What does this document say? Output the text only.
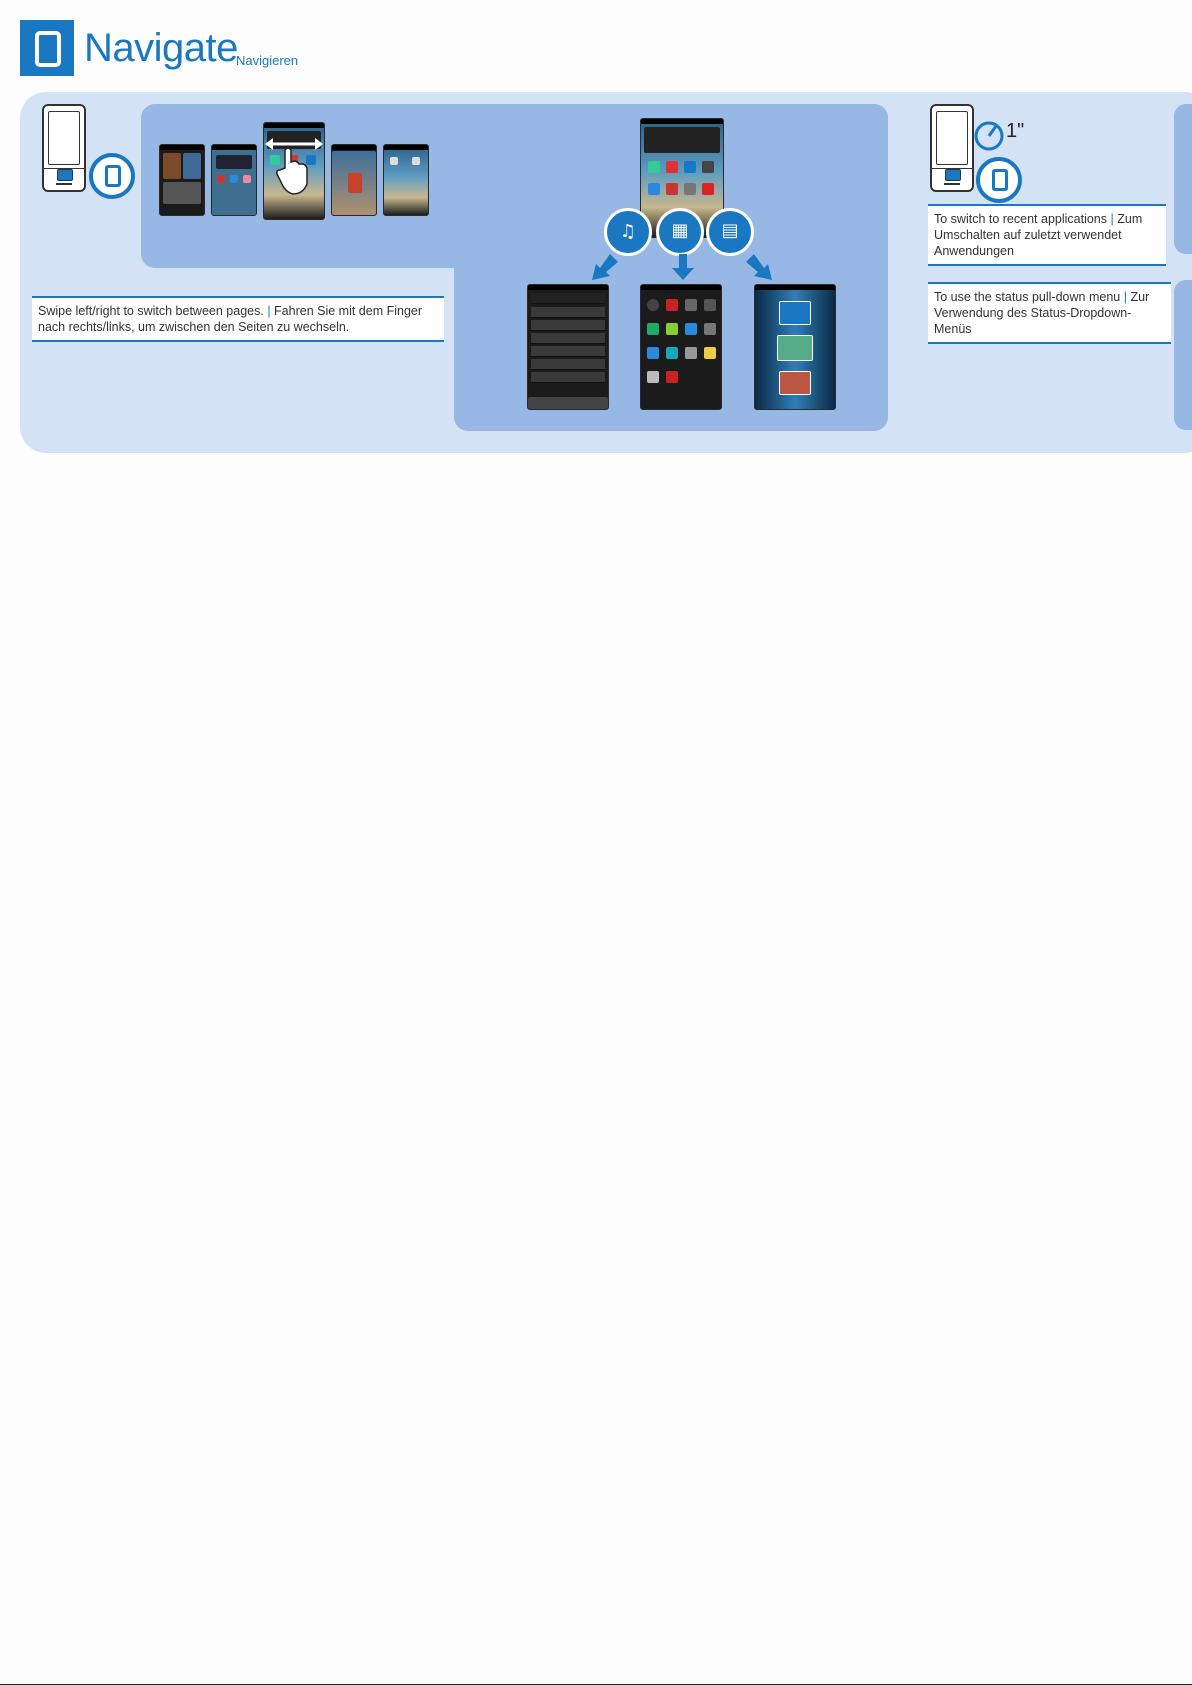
Navigate
Navigieren
♫	▦	▤
1"
Swipe left/right to switch between pages. | Fahren Sie mit dem Finger nach rechts/links, um zwischen den Seiten zu wechseln.
To switch to recent applications | Zum Umschalten auf zuletzt verwendet Anwendungen
To use the status pull-down menu | Zur Verwendung des Status-Dropdown-Menüs
